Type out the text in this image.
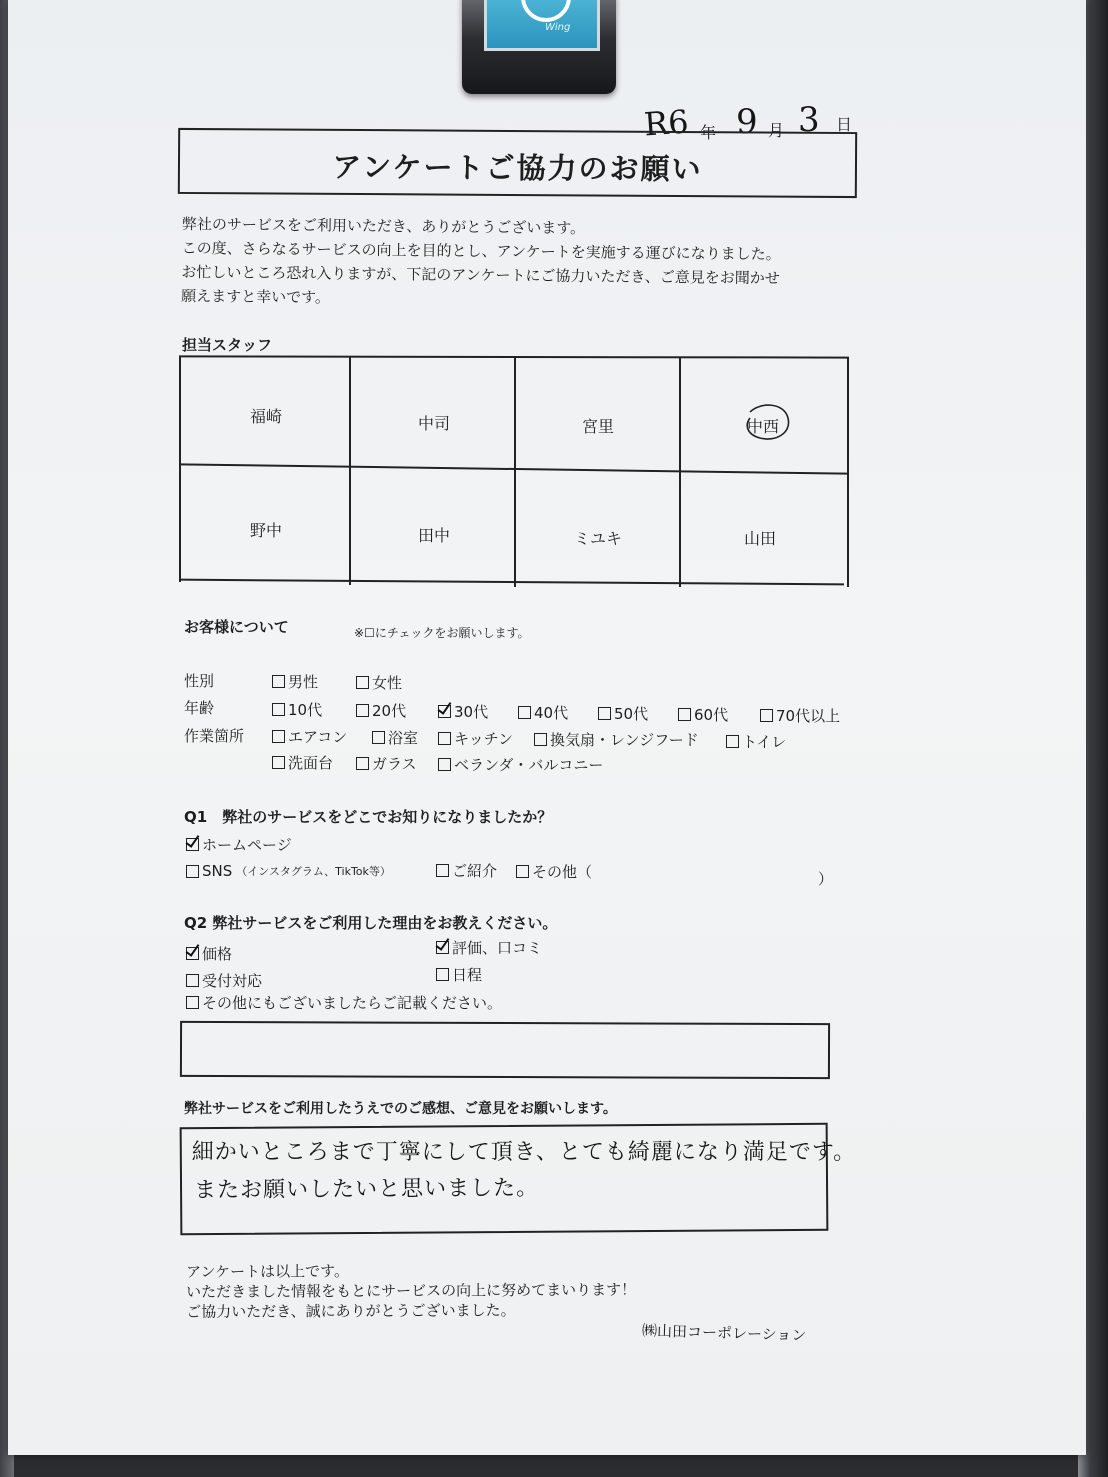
Wing
R6 年 9 月 3 日
アンケートご協力のお願い
弊社のサービスをご利用いただき、ありがとうございます。
この度、さらなるサービスの向上を目的とし、アンケートを実施する運びになりました。
お忙しいところ恐れ入りますが、下記のアンケートにご協力いただき、ご意見をお聞かせ
願えますと幸いです。
担当スタッフ
福崎	中司	宮里	中西
野中	田中	ミユキ	山田
お客様について	※☐にチェックをお願いします。
性別	男性	女性
年齢	10代	20代	30代	40代	50代	60代	70代以上
作業箇所	エアコン	浴室 キッチン 換気扇・レンジフード	トイレ
洗面台	ガラス ベランダ・バルコニー
Q1　弊社のサービスをどこでお知りになりましたか？
ホームページ
SNS （インスタグラム、TikTok等）	ご紹介 その他（	）
Q2 弊社サービスをご利用した理由をお教えください。
価格	評価、口コミ
受付対応	日程
その他にもございましたらご記載ください。
弊社サービスをご利用したうえでのご感想、ご意見をお願いします。
細かいところまで丁寧にして頂き、とても綺麗になり満足です。
またお願いしたいと思いました。
アンケートは以上です。
いただきました情報をもとにサービスの向上に努めてまいります！
ご協力いただき、誠にありがとうございました。
㈱山田コーポレーション
